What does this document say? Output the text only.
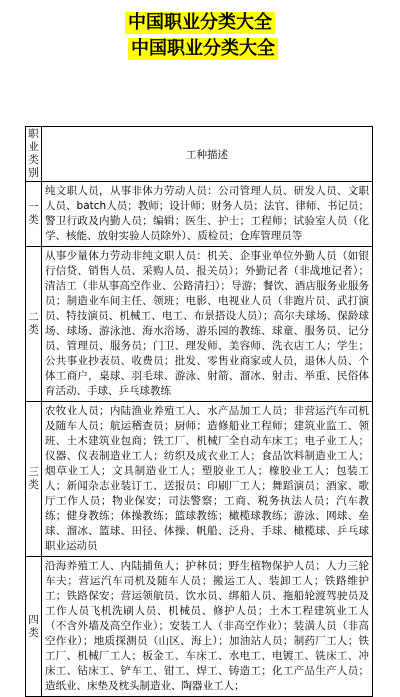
中国职业分类大全
中国职业分类大全
职
业
类
别	工种描述
一类	纯文职人员，从事非体力劳动人员：公司管理人员、研发人员、文职人员、batch人员；教师；设计师；财务人员；法官、律师、书记员；警卫行政及内勤人员；编辑；医生、护士；工程师；试验室人员（化学、核能、放射实验人员除外）、质检员；仓库管理员等
二类	从事少量体力劳动非纯文职人员：机关、企事业单位外勤人员（如银行信贷、销售人员、采购人员、报关员）；外勤记者（非战地记者）；清洁工（非从事高空作业、公路清扫）；导游；餐饮、酒店服务业服务员；制造业车间主任、领班；电影、电视业人员（非跑片员、武打演员、特技演员、机械工、电工、布景搭设人员）；高尔夫球场、保龄球场、球场、游泳池、海水浴场、游乐园的教练、球童、服务员、记分员、管理员、服务员；门卫、理发师、美容师、洗衣店工人；学生；公共事业抄表员、收费员；批发、零售业商家或人员，退休人员、个体工商户，桌球、羽毛球、游泳、射箭、溜冰、射击、举重、民俗体育活动、手球、乒乓球教练
三类	农牧业人员；内陆渔业养殖工人、水产品加工人员；非营运汽车司机及随车人员；航运稽查员；厨师；造修船业工程师；建筑业监工、领班、土木建筑业包商；铁工厂、机械厂全自动车床工；电子业工人；仪器、仪表制造业工人；纺织及成衣业工人；食品饮料制造业工人；烟草业工人；文具制造业工人；塑胶业工人；橡胶业工人；包装工人；新闻杂志业装订工、送报员；印刷厂工人；舞蹈演员；酒家、歌厅工作人员；物业保安；司法警察；工商、税务执法人员；汽车教练；健身教练；体操教练；篮球教练；橄榄球教练；游泳、网球、垒球、溜冰、篮球、田径、体操、帆船、泛舟、手球、橄榄球、乒乓球职业运动员
四类	沿海养殖工人、内陆捕鱼人；护林员；野生植物保护人员；人力三轮车夫；营运汽车司机及随车人员；搬运工人、装卸工人；铁路维护工；铁路保安；营运领航员、饮水员、绑船人员、拖船轮渡驾驶员及工作人员飞机洗刷人员、机械员、修护人员；土木工程建筑业工人（不含外墙及高空作业）；安装工人（非高空作业）；装潢人员（非高空作业）；地质探测员（山区、海上）；加油站人员；制药厂工人；铁工厂、机械厂工人；板金工、车床工、水电工、电镀工、铣床工、冲床工、钻床工、铲车工、钳工、焊工、铸造工；化工产品生产人员；造纸业、床垫及枕头制造业、陶器业工人；
